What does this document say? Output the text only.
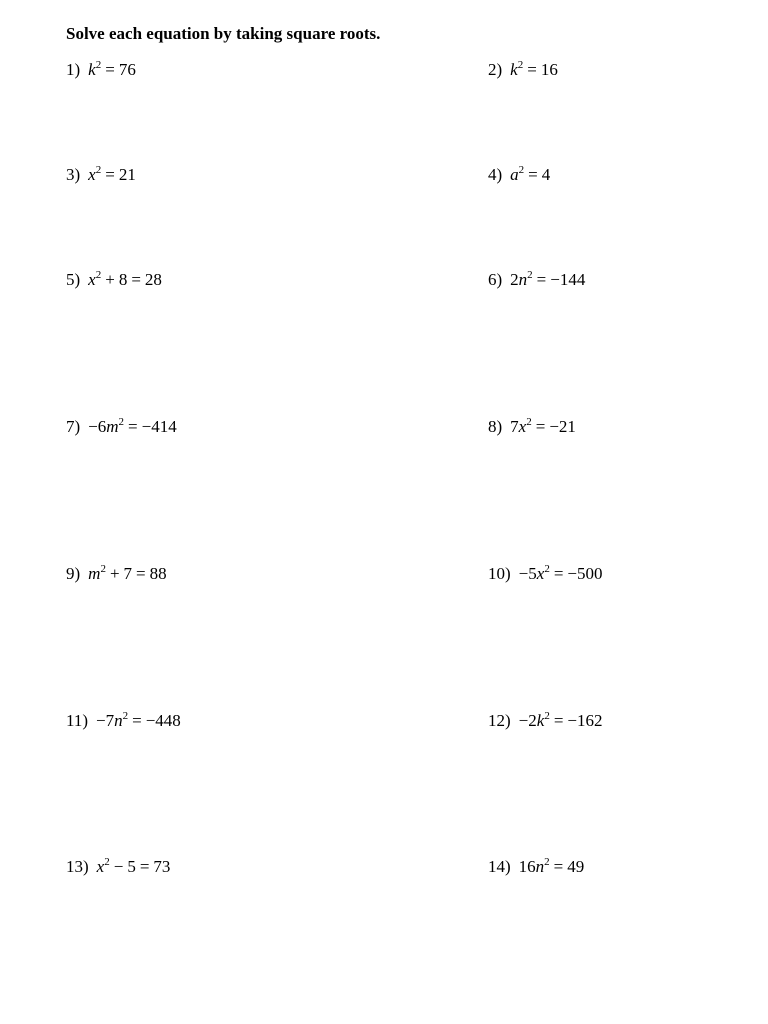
Solve each equation by taking square roots.
1) $k^2 = 76$	2) $k^2 = 16$
3) $x^2 = 21$	4) $a^2 = 4$
5) $x^2 + 8 = 28$	6) $2n^2 = -144$
$7) -6m^2 = -414$	8) $7x^2 = -21$
9) $m^2 + 7 = 88$	$10) -5x^2 = -500$
$11) -7n^2 = -448$	$12) -2k^2 = -162$
13) $x^2 - 5 = 73$	14) $16n^2 = 49$
